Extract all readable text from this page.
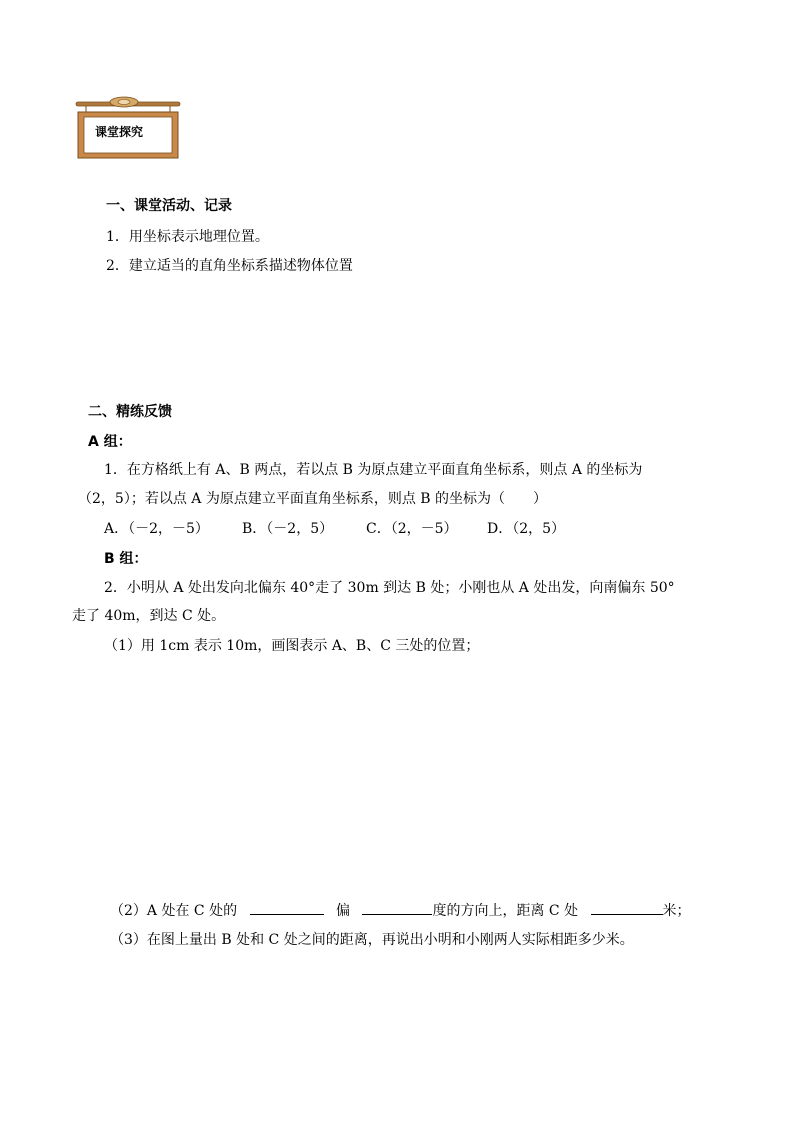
课堂探究
一、课堂活动、记录
1．用坐标表示地理位置。
2．建立适当的直角坐标系描述物体位置
二、精练反馈
A 组：
1．在方格纸上有 A、B 两点，若以点 B 为原点建立平面直角坐标系，则点 A 的坐标为
（2，5）；若以点 A 为原点建立平面直角坐标系，则点 B 的坐标为（　　）
A．（－2，－5） B．（－2，5） C．（2，－5） D．（2，5）
B 组：
2．小明从 A 处出发向北偏东 40°走了 30m 到达 B 处；小刚也从 A 处出发，向南偏东 50°
走了 40m，到达 C 处。
（1）用 1cm 表示 10m，画图表示 A、B、C 三处的位置；
（2）A 处在 C 处的	偏	度的方向上，距离 C 处	米；
（3）在图上量出 B 处和 C 处之间的距离，再说出小明和小刚两人实际相距多少米。
